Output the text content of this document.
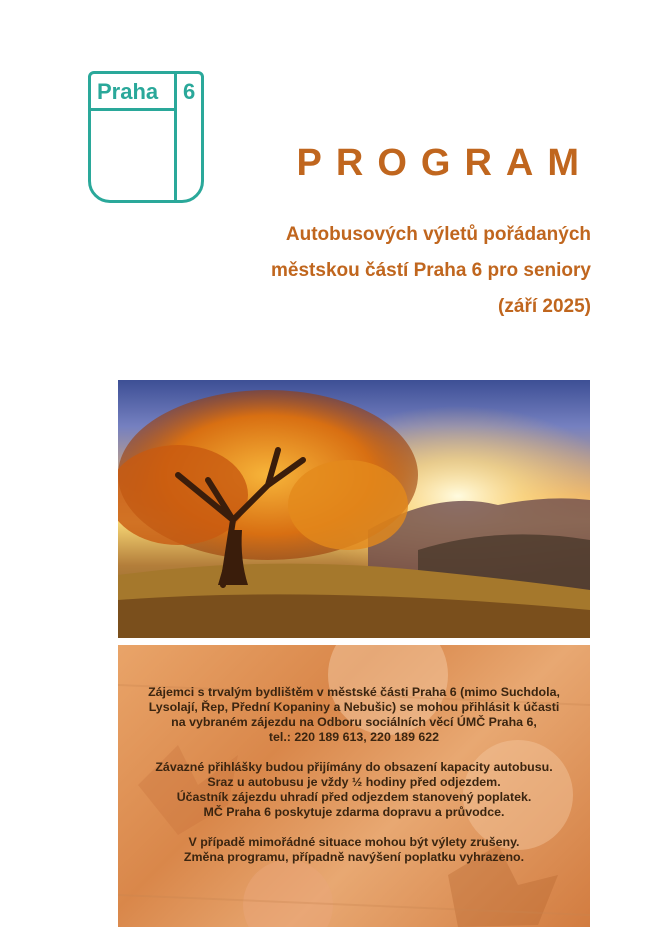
Praha 6
PROGRAM

Autobusových výletů pořádaných

městskou částí Praha 6 pro seniory

(září 2025)

Zájemci s trvalým bydlištěm v městské části Praha 6 (mimo Suchdola,
Lysolají, Řep, Přední Kopaniny a Nebušic) se mohou přihlásit k účasti
na vybraném zájezdu na Odboru sociálních věcí ÚMČ Praha 6,
tel.: 220 189 613, 220 189 622

Závazné přihlášky budou přijímány do obsazení kapacity autobusu.
Sraz u autobusu je vždy ½ hodiny před odjezdem.
Účastník zájezdu uhradí před odjezdem stanovený poplatek.
MČ Praha 6 poskytuje zdarma dopravu a průvodce.

V případě mimořádné situace mohou být výlety zrušeny.
Změna programu, případně navýšení poplatku vyhrazeno.
